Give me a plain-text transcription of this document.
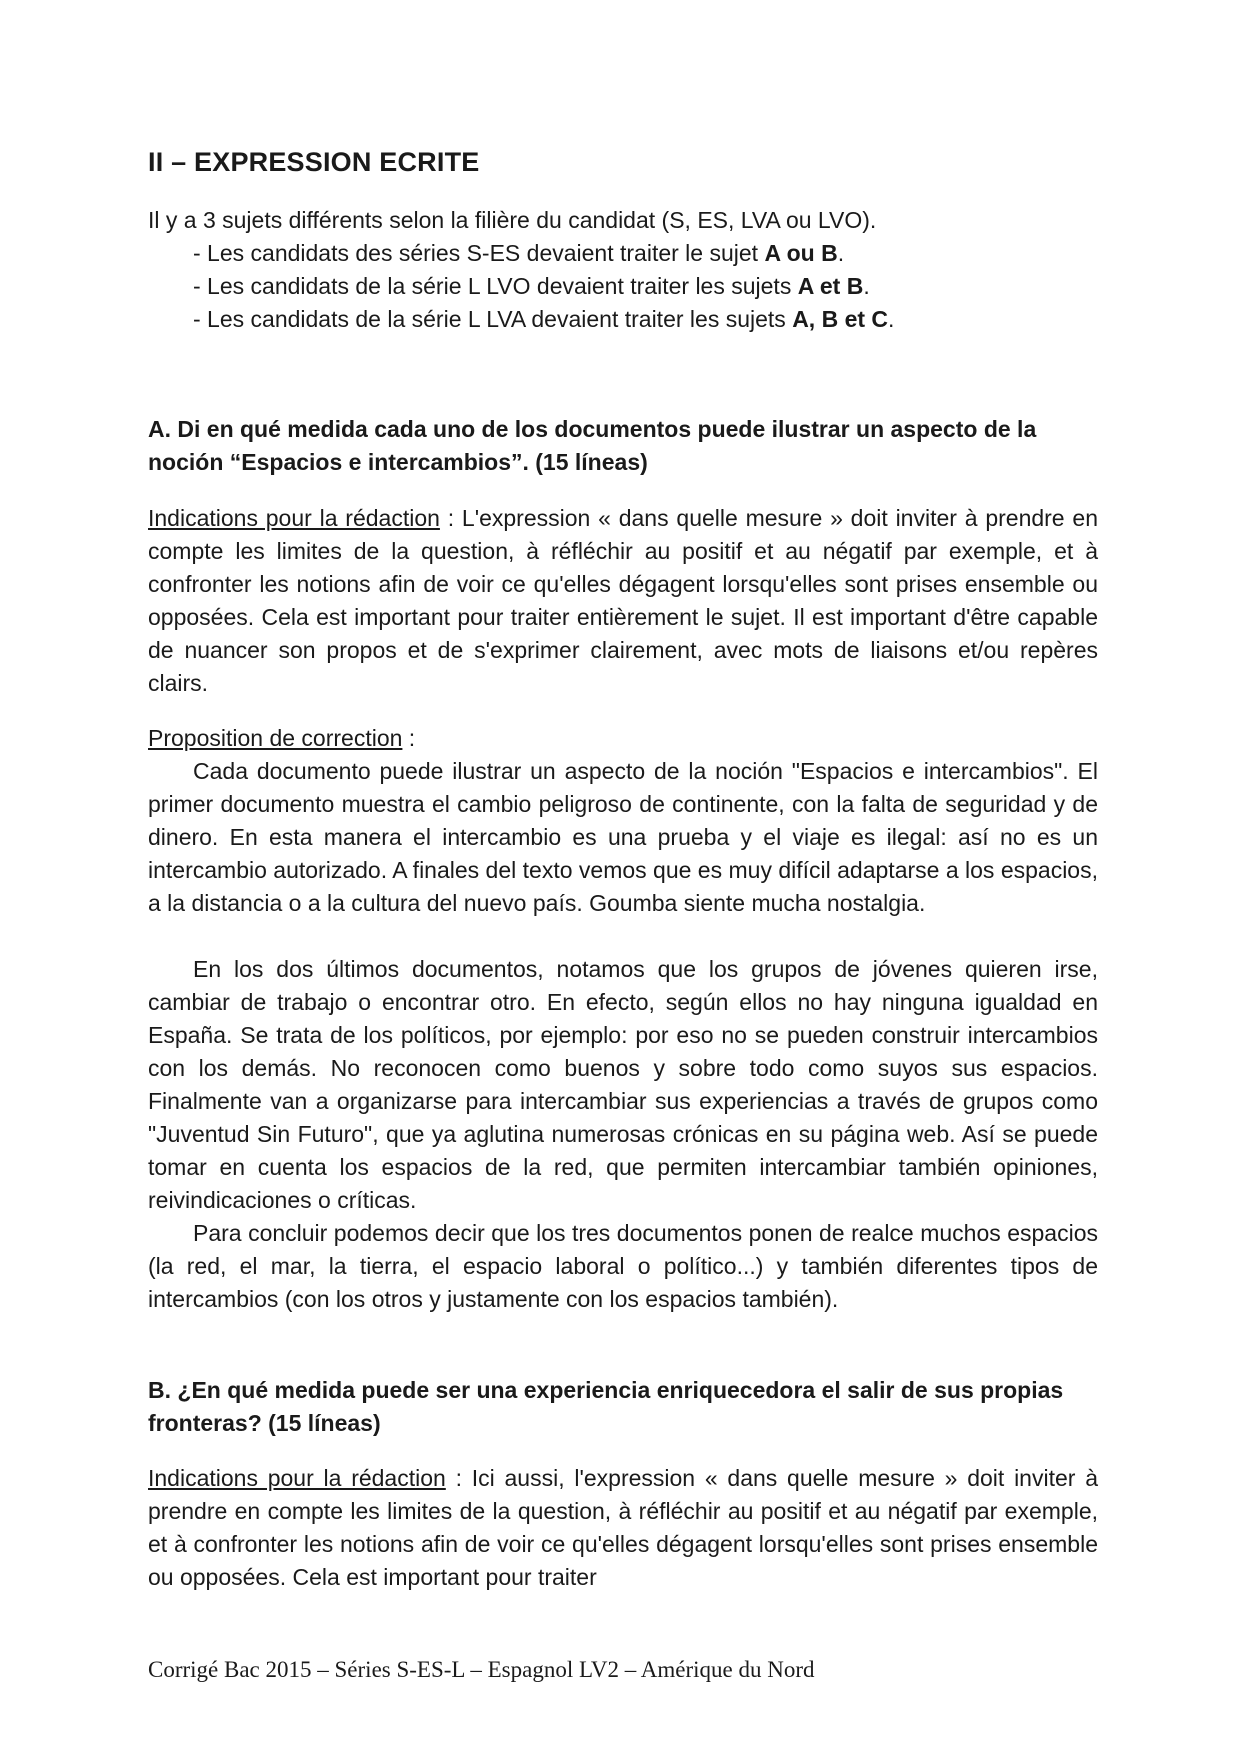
II – EXPRESSION ECRITE

Il y a 3 sujets différents selon la filière du candidat (S, ES, LVA ou LVO).

- Les candidats des séries S-ES devaient traiter le sujet A ou B.

- Les candidats de la série L LVO devaient traiter les sujets A et B.

- Les candidats de la série L LVA devaient traiter les sujets A, B et C.

A. Di en qué medida cada uno de los documentos puede ilustrar un aspecto de la noción “Espacios e intercambios”. (15 líneas)

Indications pour la rédaction : L'expression « dans quelle mesure » doit inviter à prendre en compte les limites de la question, à réfléchir au positif et au négatif par exemple, et à confronter les notions afin de voir ce qu'elles dégagent lorsqu'elles sont prises ensemble ou opposées. Cela est important pour traiter entièrement le sujet. Il est important d'être capable de nuancer son propos et de s'exprimer clairement, avec mots de liaisons et/ou repères clairs.

Proposition de correction :

Cada documento puede ilustrar un aspecto de la noción "Espacios e intercambios". El primer documento muestra el cambio peligroso de continente, con la falta de seguridad y de dinero. En esta manera el intercambio es una prueba y el viaje es ilegal: así no es un intercambio autorizado. A finales del texto vemos que es muy difícil adaptarse a los espacios, a la distancia o a la cultura del nuevo país. Goumba siente mucha nostalgia.

En los dos últimos documentos, notamos que los grupos de jóvenes quieren irse, cambiar de trabajo o encontrar otro. En efecto, según ellos no hay ninguna igualdad en España. Se trata de los políticos, por ejemplo: por eso no se pueden construir intercambios con los demás. No reconocen como buenos y sobre todo como suyos sus espacios. Finalmente van a organizarse para intercambiar sus experiencias a través de grupos como "Juventud Sin Futuro", que ya aglutina numerosas crónicas en su página web. Así se puede tomar en cuenta los espacios de la red, que permiten intercambiar también opiniones, reivindicaciones o críticas.

Para concluir podemos decir que los tres documentos ponen de realce muchos espacios (la red, el mar, la tierra, el espacio laboral o político...) y también diferentes tipos de intercambios (con los otros y justamente con los espacios también).

B. ¿En qué medida puede ser una experiencia enriquecedora el salir de sus propias fronteras? (15 líneas)

Indications pour la rédaction : Ici aussi, l'expression « dans quelle mesure » doit inviter à prendre en compte les limites de la question, à réfléchir au positif et au négatif par exemple, et à confronter les notions afin de voir ce qu'elles dégagent lorsqu'elles sont prises ensemble ou opposées. Cela est important pour traiter

Corrigé Bac 2015 – Séries S-ES-L – Espagnol LV2 – Amérique du Nord
